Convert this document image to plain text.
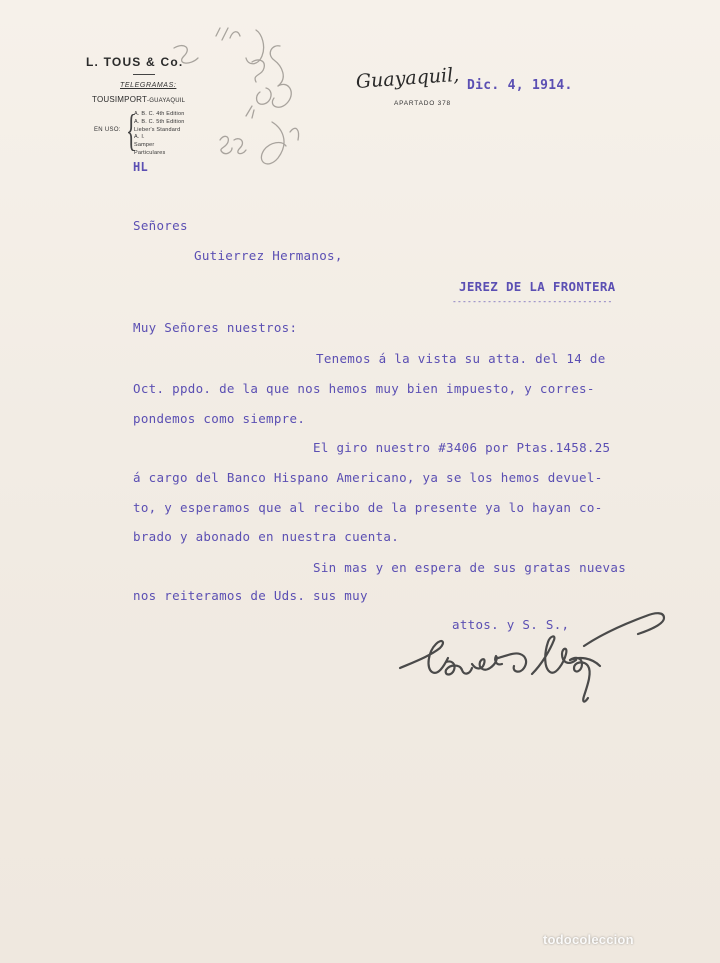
L. TOUS & Co.
TELEGRAMAS:
TOUSIMPORT-GUAYAQUIL
EN USO: {
A. B. C. 4th Edition
A. B. C. 5th Edition
Lieber's Standard
A. I.
Samper
Particulares
Guayaquil,
APARTADO 378
Dic. 4, 1914.
HL
Señores
Gutierrez Hermanos,
JEREZ DE LA FRONTERA
--------------------------------
Muy Señores nuestros:
Tenemos á la vista su atta. del 14 de
Oct. ppdo. de la que nos hemos muy bien impuesto, y corres-
pondemos como siempre.
El giro nuestro #3406 por Ptas.1458.25
á cargo del Banco Hispano Americano, ya se los hemos devuel-
to, y esperamos que al recibo de la presente ya lo hayan co-
brado y abonado en nuestra cuenta.
Sin mas y en espera de sus gratas nuevas
nos reiteramos de Uds. sus muy
attos. y S. S.,
todocoleccion
